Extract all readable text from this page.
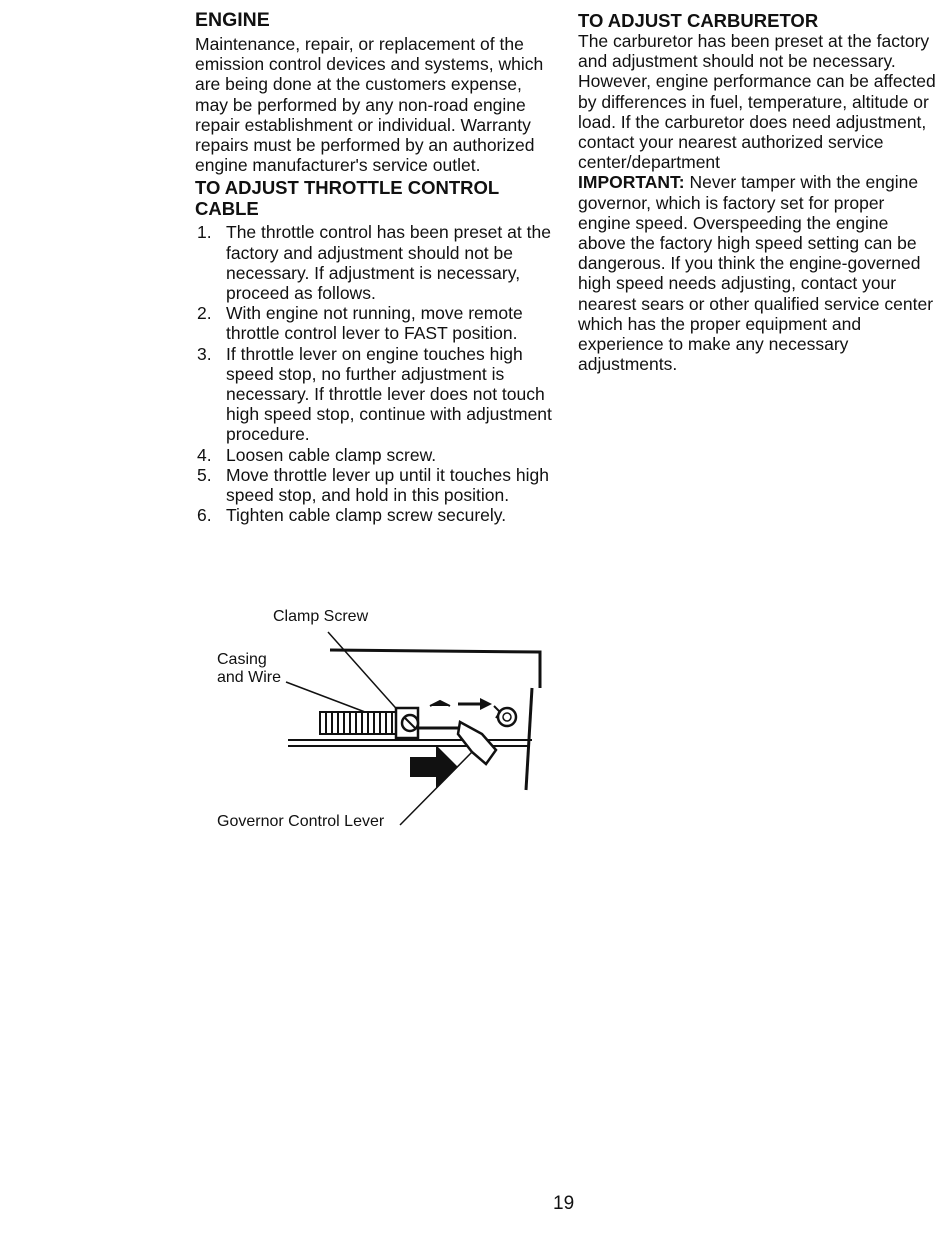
ENGINE

Maintenance, repair, or replacement of the emission control devices and systems, which are being done at the customers expense, may be performed by any non-road engine repair establishment or individual. Warranty repairs must be performed by an authorized engine manufacturer's service outlet.

TO ADJUST THROTTLE CONTROL CABLE
1. The throttle control has been preset at the factory and adjustment should not be necessary. If adjustment is necessary, proceed as follows.
2. With engine not running, move remote throttle control lever to FAST position.
3. If throttle lever on engine touches high speed stop, no further adjustment is necessary. If throttle lever does not touch high speed stop, continue with adjustment procedure.
4. Loosen cable clamp screw.
5. Move throttle lever up until it touches high speed stop, and hold in this position.
6. Tighten cable clamp screw securely.
Clamp Screw
Casing
and Wire
Governor Control Lever
TO ADJUST CARBURETOR

The carburetor has been preset at the factory and adjustment should not be necessary. However, engine performance can be affected by differences in fuel, temperature, altitude or load. If the carburetor does need adjustment, contact your nearest authorized service center/department

IMPORTANT: Never tamper with the engine governor, which is factory set for proper engine speed. Overspeeding the engine above the factory high speed setting can be dangerous. If you think the engine-governed high speed needs adjusting, contact your nearest sears or other qualified service center which has the proper equipment and experience to make any necessary adjustments.

19
